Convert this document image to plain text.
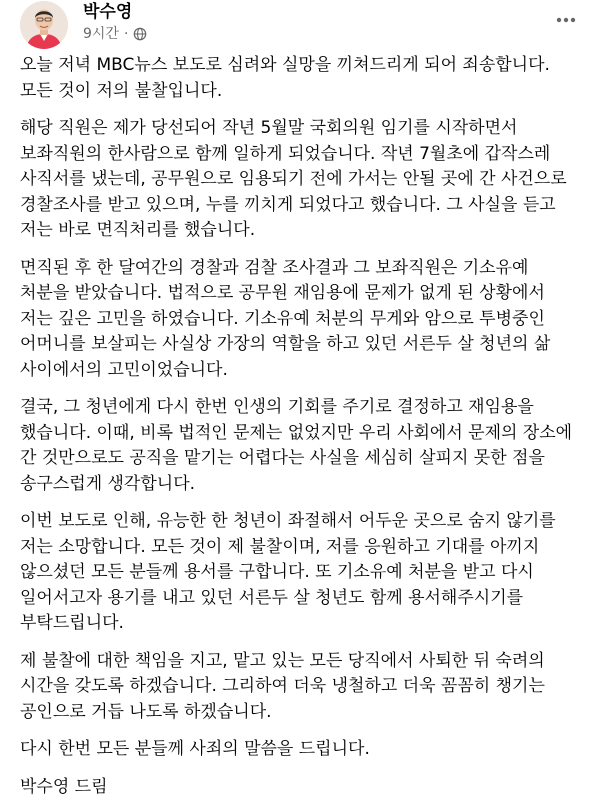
박수영
9시간 ·

오늘 저녁 MBC뉴스 보도로 심려와 실망을 끼쳐드리게 되어 죄송합니다. 모든 것이 저의 불찰입니다.

해당 직원은 제가 당선되어 작년 5월말 국회의원 임기를 시작하면서 보좌직원의 한사람으로 함께 일하게 되었습니다. 작년 7월초에 갑작스레 사직서를 냈는데, 공무원으로 임용되기 전에 가서는 안될 곳에 간 사건으로 경찰조사를 받고 있으며, 누를 끼치게 되었다고 했습니다. 그 사실을 듣고 저는 바로 면직처리를 했습니다.

면직된 후 한 달여간의 경찰과 검찰 조사결과 그 보좌직원은 기소유예 처분을 받았습니다. 법적으로 공무원 재임용에 문제가 없게 된 상황에서 저는 깊은 고민을 하였습니다. 기소유예 처분의 무게와 암으로 투병중인 어머니를 보살피는 사실상 가장의 역할을 하고 있던 서른두 살 청년의 삶 사이에서의 고민이었습니다.

결국, 그 청년에게 다시 한번 인생의 기회를 주기로 결정하고 재임용을 했습니다. 이때, 비록 법적인 문제는 없었지만 우리 사회에서 문제의 장소에 간 것만으로도 공직을 맡기는 어렵다는 사실을 세심히 살피지 못한 점을 송구스럽게 생각합니다.

이번 보도로 인해, 유능한 한 청년이 좌절해서 어두운 곳으로 숨지 않기를 저는 소망합니다. 모든 것이 제 불찰이며, 저를 응원하고 기대를 아끼지 않으셨던 모든 분들께 용서를 구합니다. 또 기소유예 처분을 받고 다시 일어서고자 용기를 내고 있던 서른두 살 청년도 함께 용서해주시기를 부탁드립니다.

제 불찰에 대한 책임을 지고, 맡고 있는 모든 당직에서 사퇴한 뒤 숙려의 시간을 갖도록 하겠습니다. 그리하여 더욱 냉철하고 더욱 꼼꼼히 챙기는 공인으로 거듭 나도록 하겠습니다.

다시 한번 모든 분들께 사죄의 말씀을 드립니다.

박수영 드림
